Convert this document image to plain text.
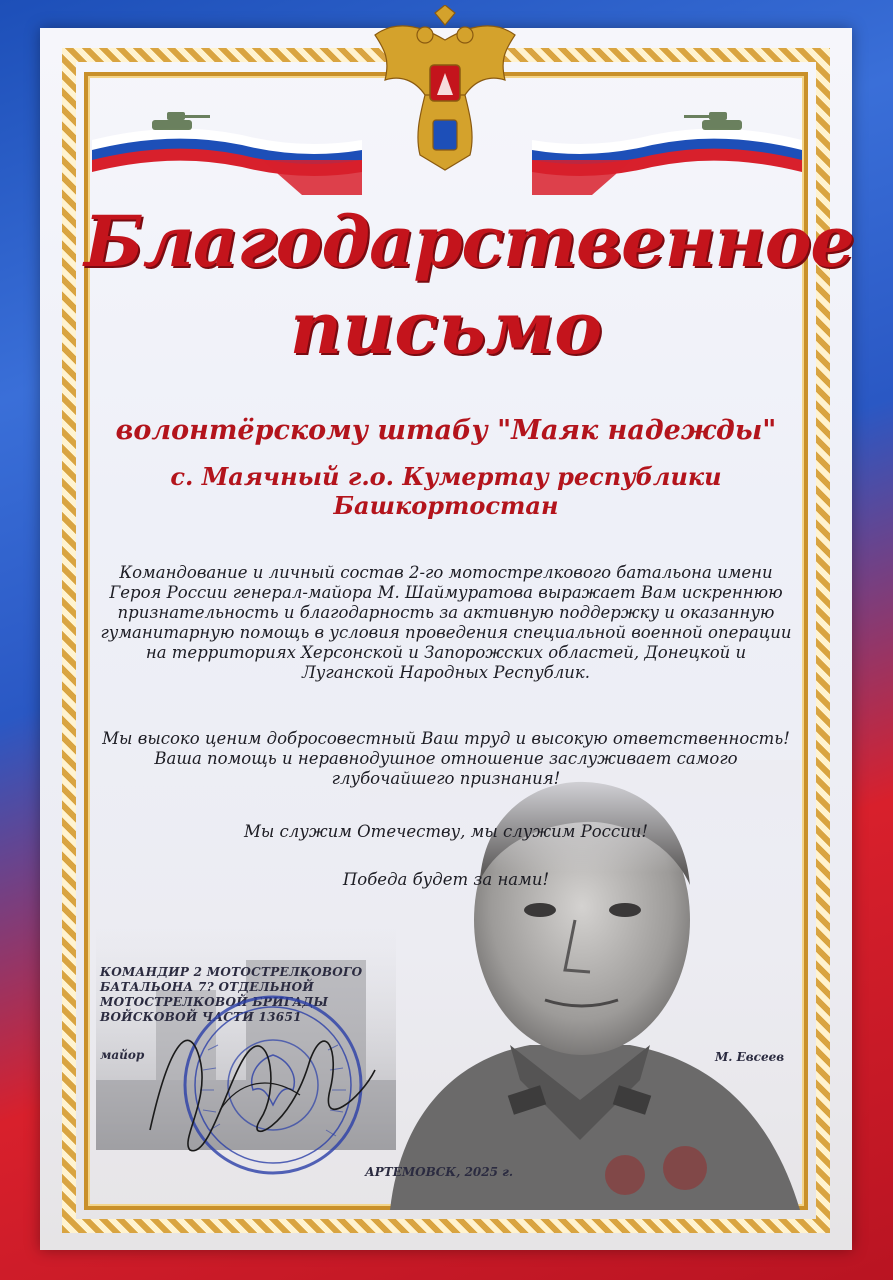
Благодарственное
письмо
волонтёрскому штабу "Маяк надежды"
с. Маячный г.о. Кумертау республики Башкортостан
Командование и личный состав 2-го мотострелкового батальона имени Героя России генерал-майора М. Шаймуратова выражает Вам искреннюю признательность и благодарность за активную поддержку и оказанную гуманитарную помощь в условия проведения специальной военной операции на территориях Херсонской и Запорожских областей, Донецкой и Луганской Народных Республик.
Мы высоко ценим добросовестный Ваш труд и высокую ответственность! Ваша помощь и неравнодушное отношение заслуживает самого глубочайшего признания!
Мы служим Отечеству, мы служим России!
Победа будет за нами!
КОМАНДИР 2 МОТОСТРЕЛКОВОГО БАТАЛЬОНА 7? ОТДЕЛЬНОЙ МОТОСТРЕЛКОВОЙ БРИГАДЫ ВОЙСКОВОЙ ЧАСТИ 13651
майор	М. Евсеев
АРТЕМОВСК, 2025 г.
